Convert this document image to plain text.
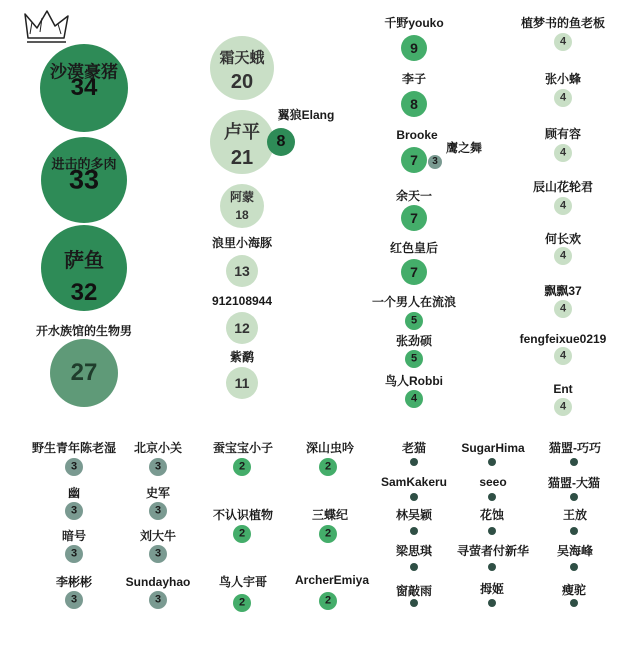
沙漠豪猪
34
进击的多肉
33
萨鱼
32
开水族馆的生物男
27
霜天蛾
20
卢平
21
翼狼Elang
8
阿蒙
18
浪里小海豚
13
912108944
12
紫鹬
11
千野youko
9
李子
8
Brooke
7
鹰之舞
3
余天一
7
红色皇后
7
一个男人在流浪
5
张劲硕
5
鸟人Robbi
4
植梦书的鱼老板
4
张小蜂
4
顾有容
4
辰山花轮君
4
何长欢
4
飘飘37
4
fengfeixue0219
4
Ent
4
野生青年陈老湿
3
北京小关
3
幽
3
史军
3
暗号
3
刘大牛
3
李彬彬
3
Sundayhao
3
蚕宝宝小子
2
深山虫吟
2
不认识植物
2
三蝶纪
2
鸟人宇哥
2
ArcherEmiya
2
老猫	SugarHima 猫盟-巧巧
SamKakeru	seeo	猫盟-大猫
林吴颖	花蚀	王放
梁思琪 寻萤者付新华 吴海峰
窗敲雨	拇姬	瘦驼
